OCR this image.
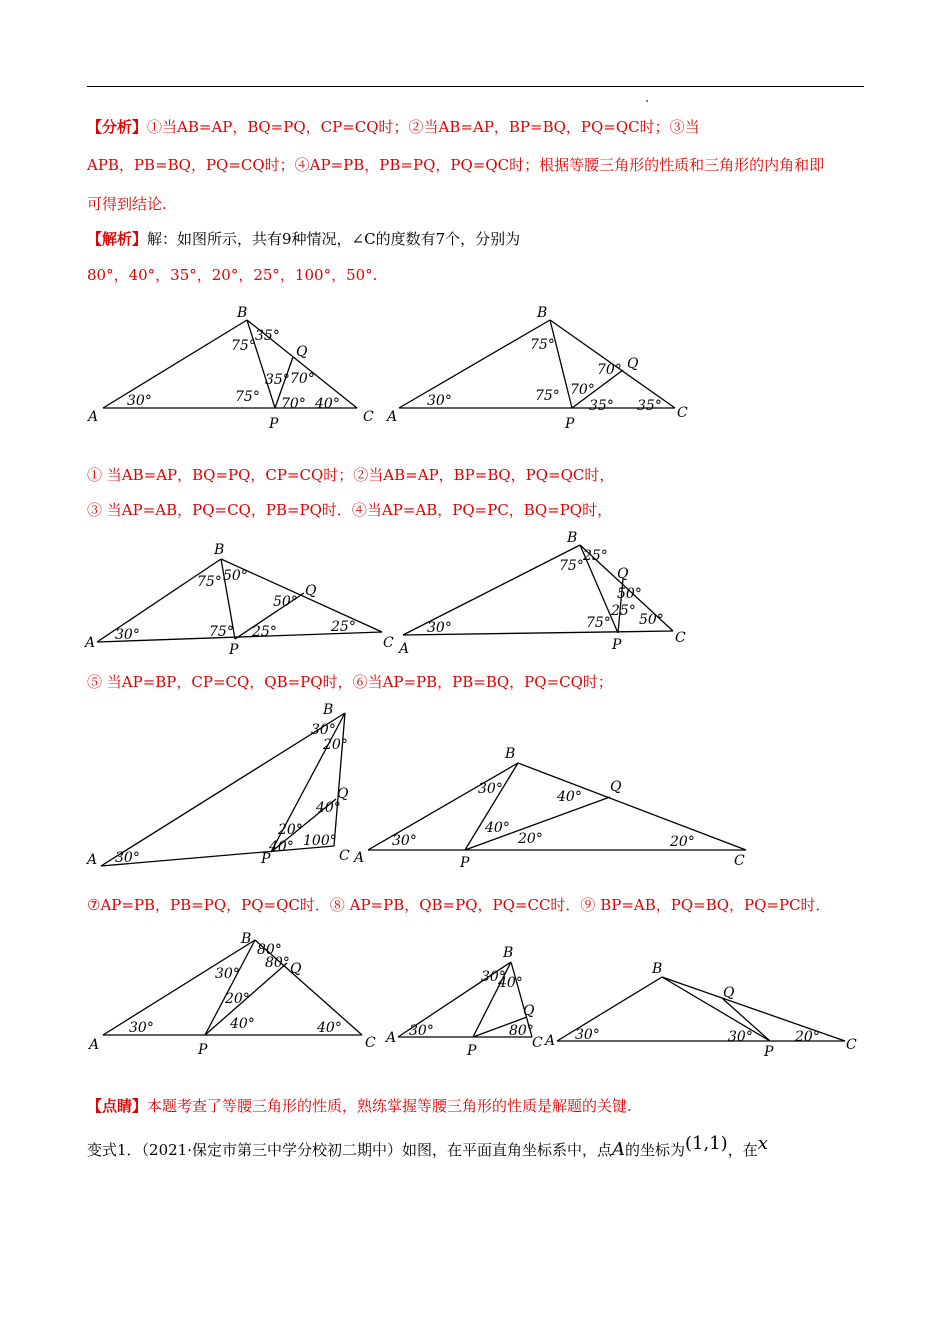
【分析】①当AB=AP，BQ=PQ，CP=CQ时；②当AB=AP，BP=BQ，PQ=QC时；③当
APB，PB=BQ，PQ=CQ时；④AP=PB，PB=PQ，PQ=QC时；根据等腰三角形的性质和三角形的内角和即
可得到结论.
【解析】解：如图所示，共有9种情况，∠C的度数有7个，分别为
80°，40°，35°，20°，25°，100°，50°.
A
B
C
P
Q
30°
75°
35°
75°
35° 70°
70° 40°
A
B
C
P
Q
30°
75°
75° 70°
70°
35° 35°
① 当AB=AP，BQ=PQ，CP=CQ时；②当AB=AP，BP=BQ，PQ=QC时，
③ 当AP=AB，PQ=CQ，PB=PQ时．④当AP=AB，PQ=PC，BQ=PQ时，
A
B
C
P
Q
30°
75° 50°
50°
75° 25°	25°
A
B
C
P
Q
30°
75°
25°
50°
25°
75° 50°
⑤ 当AP=BP，CP=CQ，QB=PQ时，⑥当AP=PB，PB=BQ，PQ=CQ时；
A
B
C
P
Q
30°
30°
20°
40°
20°
40° 100°
A
B
C
P
Q
30°
30°	40°
40°
20°	20°
⑦AP=PB，PB=PQ，PQ=QC时．⑧ AP=PB，QB=PQ，PQ=CC时．⑨ BP=AB，PQ=BQ，PQ=PC时．
A
B
C
P
Q
80°
80°
30°
20°
30°	40°	40°
A
B
C
P
Q
30°
40°
30°
80°
A
B
C
P
Q
30°	30°	20°
【点睛】本题考查了等腰三角形的性质，熟练掌握等腰三角形的性质是解题的关键.
变式1．（2021·保定市第三中学分校初二期中）如图，在平面直角坐标系中，点A的坐标为(1,1)，在x
